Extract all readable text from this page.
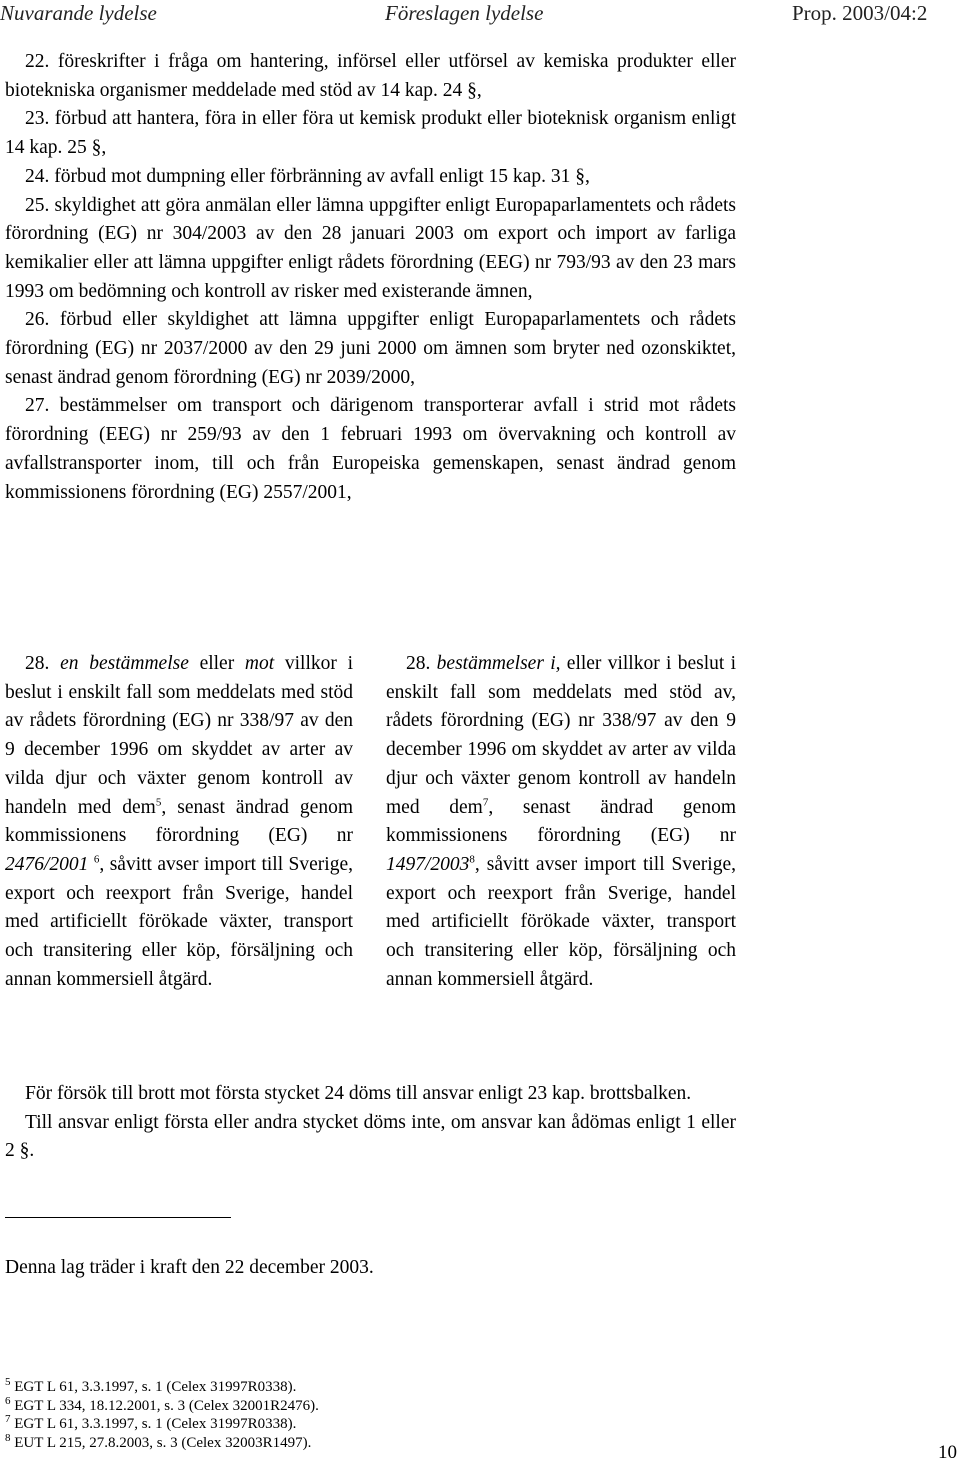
Nuvarande lydelse	Föreslagen lydelse	Prop. 2003/04:2

22. föreskrifter i fråga om hantering, införsel eller utförsel av kemiska produkter eller biotekniska organismer meddelade med stöd av 14 kap. 24 §,

23. förbud att hantera, föra in eller föra ut kemisk produkt eller bioteknisk organism enligt 14 kap. 25 §,

24. förbud mot dumpning eller förbränning av avfall enligt 15 kap. 31 §,

25. skyldighet att göra anmälan eller lämna uppgifter enligt Europaparlamentets och rådets förordning (EG) nr 304/2003 av den 28 januari 2003 om export och import av farliga kemikalier eller att lämna uppgifter enligt rådets förordning (EEG) nr 793/93 av den 23 mars 1993 om bedömning och kontroll av risker med existerande ämnen,

26. förbud eller skyldighet att lämna uppgifter enligt Europaparlamentets och rådets förordning (EG) nr 2037/2000 av den 29 juni 2000 om ämnen som bryter ned ozonskiktet, senast ändrad genom förordning (EG) nr 2039/2000,

27. bestämmelser om transport och därigenom transporterar avfall i strid mot rådets förordning (EEG) nr 259/93 av den 1 februari 1993 om övervakning och kontroll av avfallstransporter inom, till och från Europeiska gemenskapen, senast ändrad genom kommissionens förordning (EG) 2557/2001,

28. en bestämmelse eller mot villkor i beslut i enskilt fall som meddelats med stöd av rådets förordning (EG) nr 338/97 av den 9 december 1996 om skyddet av arter av vilda djur och växter genom kontroll av handeln med dem$^5$, senast ändrad genom kommissionens förordning (EG) nr 2476/2001 $^6$, såvitt avser import till Sverige, export och reexport från Sverige, handel med artificiellt förökade växter, transport och transitering eller köp, försäljning och annan kommersiell åtgärd.

28. bestämmelser i, eller villkor i beslut i enskilt fall som meddelats med stöd av, rådets förordning (EG) nr 338/97 av den 9 december 1996 om skyddet av arter av vilda djur och växter genom kontroll av handeln med dem$^7$, senast ändrad genom kommissionens förordning (EG) nr 1497/2003$^8$, såvitt avser import till Sverige, export och reexport från Sverige, handel med artificiellt förökade växter, transport och transitering eller köp, försäljning och annan kommersiell åtgärd.

För försök till brott mot första stycket 24 döms till ansvar enligt 23 kap. brottsbalken.

Till ansvar enligt första eller andra stycket döms inte, om ansvar kan ådömas enligt 1 eller 2 §.

Denna lag träder i kraft den 22 december 2003.
$^5$ EGT L 61, 3.3.1997, s. 1 (Celex 31997R0338).
$^6$ EGT L 334, 18.12.2001, s. 3 (Celex 32001R2476).
$^7$ EGT L 61, 3.3.1997, s. 1 (Celex 31997R0338).
$^8$ EUT L 215, 27.8.2003, s. 3 (Celex 32003R1497).	10
